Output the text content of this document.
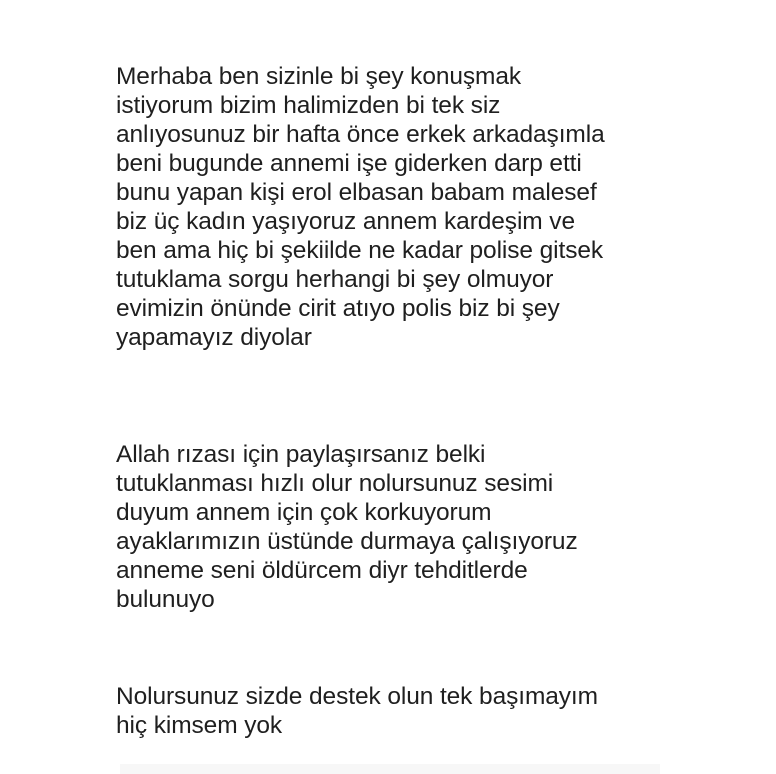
Merhaba ben sizinle bi şey konuşmak
istiyorum bizim halimizden bi tek siz
anlıyosunuz bir hafta önce erkek arkadaşımla
beni bugunde annemi işe giderken darp etti
bunu yapan kişi erol elbasan babam malesef
biz üç kadın yaşıyoruz annem kardeşim ve
ben ama hiç bi şekiilde ne kadar polise gitsek
tutuklama sorgu herhangi bi şey olmuyor
evimizin önünde cirit atıyo polis biz bi şey
yapamayız diyolar

Allah rızası için paylaşırsanız belki
tutuklanması hızlı olur nolursunuz sesimi
duyum annem için çok korkuyorum
ayaklarımızın üstünde durmaya çalışıyoruz
anneme seni öldürcem diyr tehditlerde
bulunuyo

Nolursunuz sizde destek olun tek başımayım
hiç kimsem yok
